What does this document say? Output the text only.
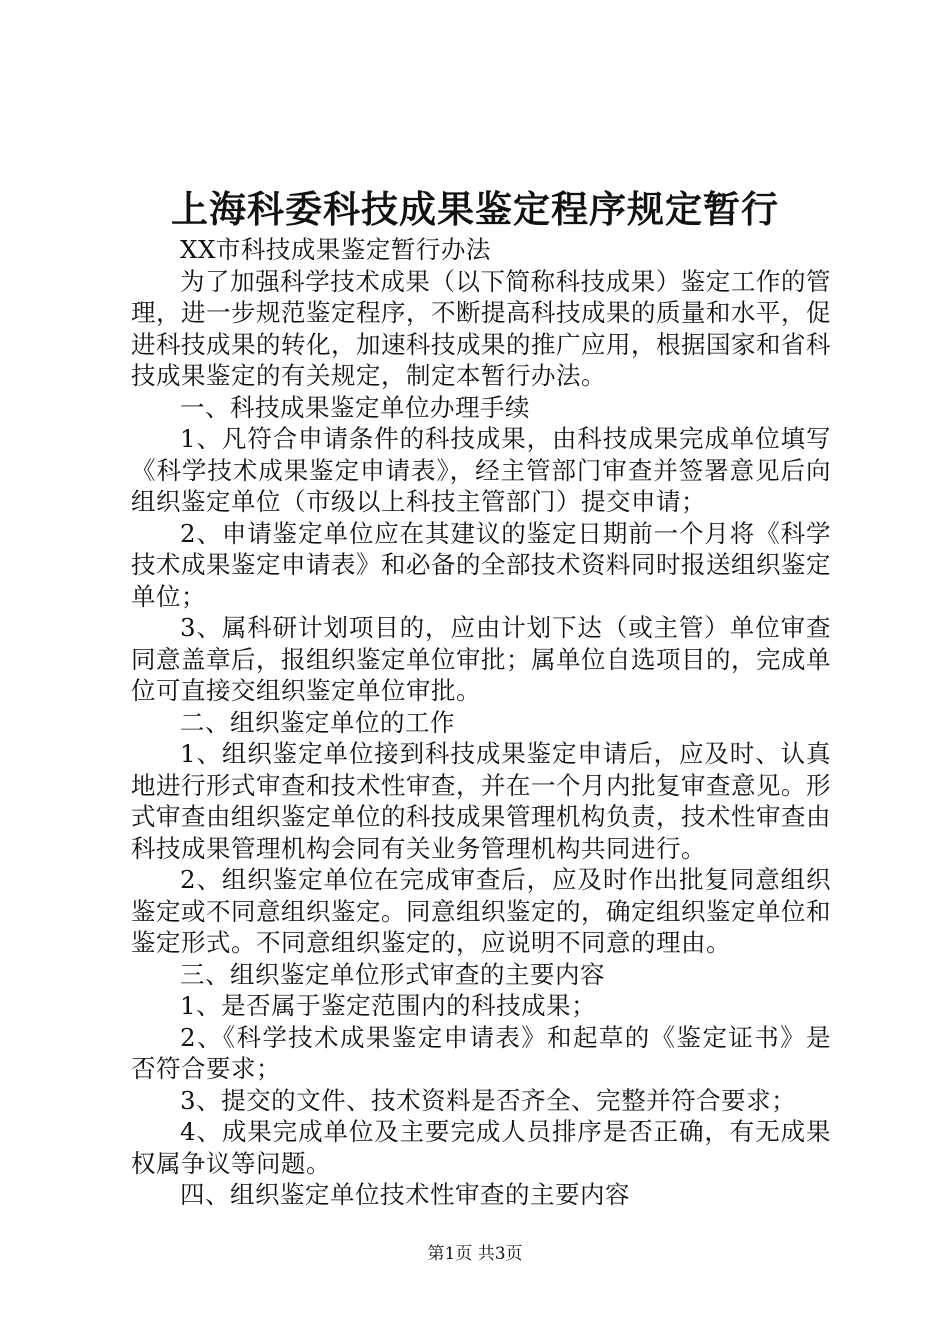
上海科委科技成果鉴定程序规定暂行

XX市科技成果鉴定暂行办法

为了加强科学技术成果（以下简称科技成果）鉴定工作的管理，进一步规范鉴定程序，不断提高科技成果的质量和水平，促进科技成果的转化，加速科技成果的推广应用，根据国家和省科技成果鉴定的有关规定，制定本暂行办法。

一、科技成果鉴定单位办理手续

1、凡符合申请条件的科技成果，由科技成果完成单位填写《科学技术成果鉴定申请表》，经主管部门审查并签署意见后向组织鉴定单位（市级以上科技主管部门）提交申请；

2、申请鉴定单位应在其建议的鉴定日期前一个月将《科学技术成果鉴定申请表》和必备的全部技术资料同时报送组织鉴定单位；

3、属科研计划项目的，应由计划下达（或主管）单位审查同意盖章后，报组织鉴定单位审批；属单位自选项目的，完成单位可直接交组织鉴定单位审批。

二、组织鉴定单位的工作

1、组织鉴定单位接到科技成果鉴定申请后，应及时、认真地进行形式审查和技术性审查，并在一个月内批复审查意见。形式审查由组织鉴定单位的科技成果管理机构负责，技术性审查由科技成果管理机构会同有关业务管理机构共同进行。

2、组织鉴定单位在完成审查后，应及时作出批复同意组织鉴定或不同意组织鉴定。同意组织鉴定的，确定组织鉴定单位和鉴定形式。不同意组织鉴定的，应说明不同意的理由。

三、组织鉴定单位形式审查的主要内容

1、是否属于鉴定范围内的科技成果；

2、《科学技术成果鉴定申请表》和起草的《鉴定证书》是否符合要求；

3、提交的文件、技术资料是否齐全、完整并符合要求；

4、成果完成单位及主要完成人员排序是否正确，有无成果权属争议等问题。

四、组织鉴定单位技术性审查的主要内容

第1页 共3页
